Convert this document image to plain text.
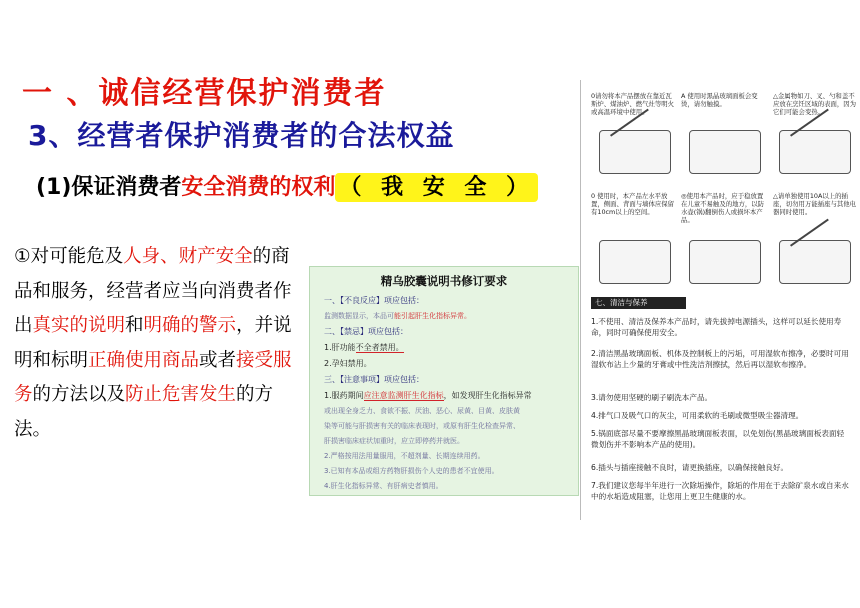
一 、诚信经营保护消费者
3、经营者保护消费者的合法权益
(1)保证消费者安全消费的权利 （ 我 安 全 ）
①对可能危及人身、财产安全的商品和服务，经营者应当向消费者作出真实的说明和明确的警示，并说明和标明正确使用商品或者接受服务的方法以及防止危害发生的方法。
精乌胶囊说明书修订要求
一、【不良反应】项应包括：
监测数据显示，本品可能引起肝生化指标异常。
二、【禁忌】项应包括：
1.肝功能不全者禁用。
2.孕妇禁用。
三、【注意事项】项应包括：
1.服药期间应注意监测肝生化指标，如发现肝生化指标异常
或出现全身乏力、食欲不振、厌油、恶心、尿黄、目黄、皮肤黄
染等可能与肝损害有关的临床表现时，或原有肝生化检查异常、
肝损害临床症状加重时，应立即停药并就医。
2.严格按用法用量服用，不超剂量、长期连续用药。
3.已知有本品或组方药物肝损伤个人史的患者不宜使用。
4.肝生化指标异常、有肝病史者慎用。
0请勿将本产品摆放在靠近瓦斯炉、煤油炉、燃气灶等明火或高温环境中使用。
A 使用时黑晶玻璃面板会变烫，请勿触摸。
△金属物如刀、叉、勺和盖不应放在烹饪区域的表面，因为它们可能会变热。
0 使用时，本产品左水平放置，侧面、背面与墙体应保留有10cm以上的空间。
◎使用本产品时，应于稳放置在儿童不易触及的地方，以防水壶(锅)翻倒伤人或损坏本产品。
△请单独使用10A以上的插座，切勿用万能插座与其他电器同时使用。
七、清洁与保养
1.不使用、清洁及保养本产品时，请先拔掉电源插头，这样可以延长使用寿命，同时可确保使用安全。
2.清洁黑晶玻璃面板、机体及控制板上的污垢，可用湿软布擦净，必要时可用湿软布沾上少量的牙膏或中性洗洁剂擦拭，然后再以湿软布擦净。
3.请勿使用坚硬的刷子刷洗本产品。
4.排气口及吸气口的灰尘，可用柔软的毛刷或微型吸尘器清理。
5.锅面底部尽量不要摩擦黑晶玻璃面板表面，以免划伤(黑晶玻璃面板表面轻微划伤并不影响本产品的使用)。
6.插头与插座接触不良时，请更换插座，以确保接触良好。
7.我们建议您每半年进行一次除垢操作，除垢的作用在于去除矿泉水或自来水中的水垢造成阻塞，让您用上更卫生健康的水。
